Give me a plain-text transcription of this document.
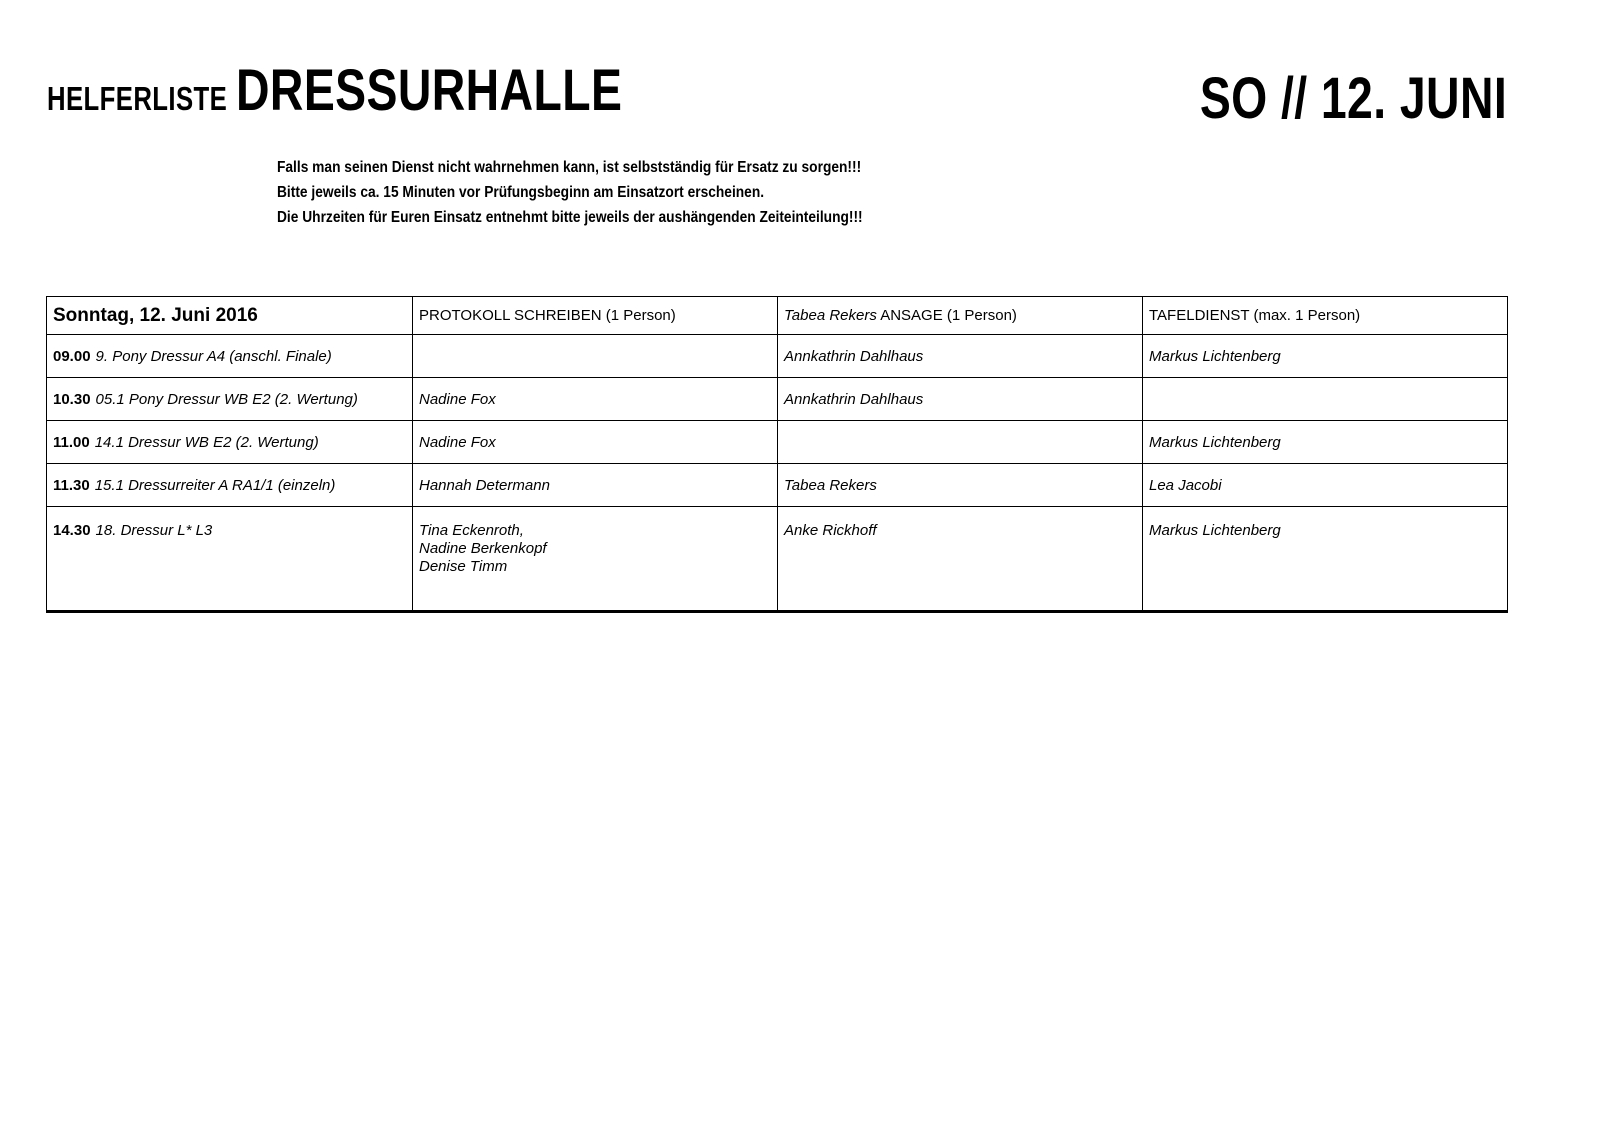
HELFERLISTE DRESSURHALLE	SO // 12. JUNI
Falls man seinen Dienst nicht wahrnehmen kann, ist selbstständig für Ersatz zu sorgen!!!
Bitte jeweils ca. 15 Minuten vor Prüfungsbeginn am Einsatzort erscheinen.
Die Uhrzeiten für Euren Einsatz entnehmt bitte jeweils der aushängenden Zeiteinteilung!!!
Sonntag, 12. Juni 2016	PROTOKOLL SCHREIBEN (1 Person)	Tabea Rekers ANSAGE (1 Person)	TAFELDIENST (max. 1 Person)
09.00 9. Pony Dressur A4 (anschl. Finale)		Annkathrin Dahlhaus	Markus Lichtenberg
10.30 05.1 Pony Dressur WB E2 (2. Wertung)	Nadine Fox	Annkathrin Dahlhaus	
11.00 14.1 Dressur WB E2 (2. Wertung)	Nadine Fox		Markus Lichtenberg
11.30 15.1 Dressurreiter A RA1/1 (einzeln)	Hannah Determann	Tabea Rekers	Lea Jacobi
14.30 18. Dressur L* L3	Tina Eckenroth,
Nadine Berkenkopf
Denise Timm	Anke Rickhoff	Markus Lichtenberg
